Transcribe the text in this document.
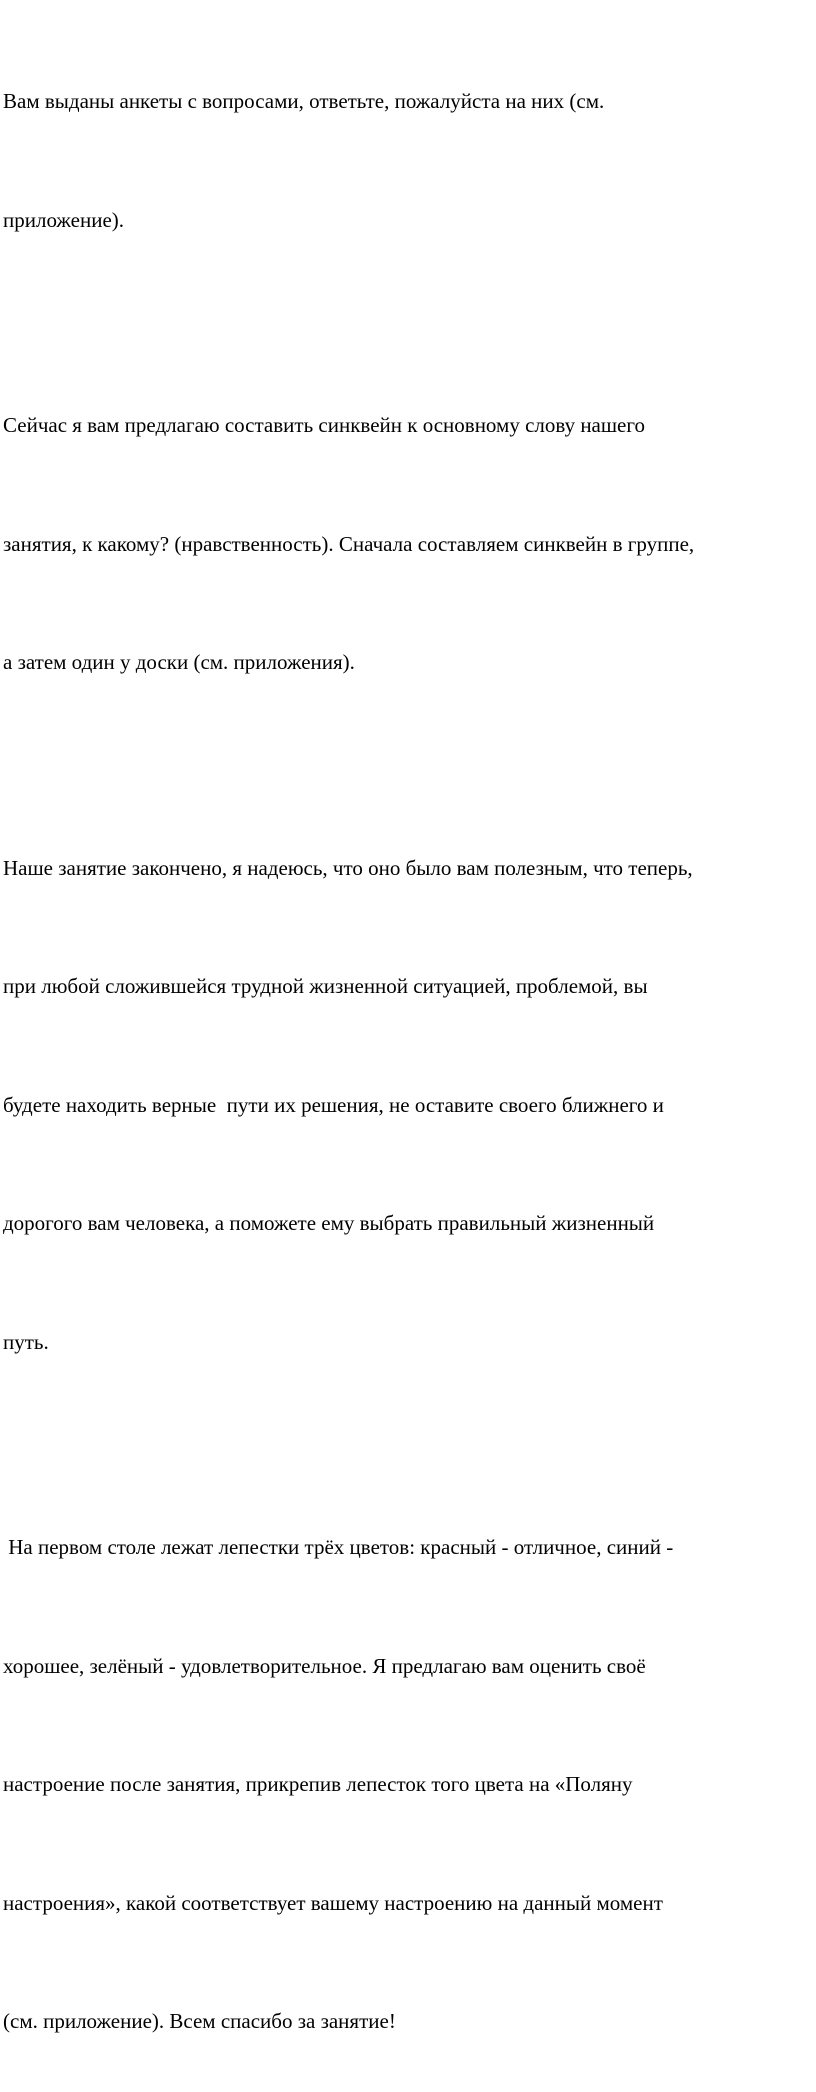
Вам выданы анкеты с вопросами, ответьте, пожалуйста на них (см.

приложение).

Сейчас я вам предлагаю составить синквейн к основному слову нашего

занятия, к какому? (нравственность). Сначала составляем синквейн в группе,

а затем один у доски (см. приложения).

Наше занятие закончено, я надеюсь, что оно было вам полезным, что теперь,

при любой сложившейся трудной жизненной ситуацией, проблемой, вы

будете находить верные  пути их решения, не оставите своего ближнего и

дорогого вам человека, а поможете ему выбрать правильный жизненный

путь.

На первом столе лежат лепестки трёх цветов: красный - отличное, синий -

хорошее, зелёный - удовлетворительное. Я предлагаю вам оценить своё

настроение после занятия, прикрепив лепесток того цвета на «Поляну

настроения», какой соответствует вашему настроению на данный момент

(см. приложение). Всем спасибо за занятие!
